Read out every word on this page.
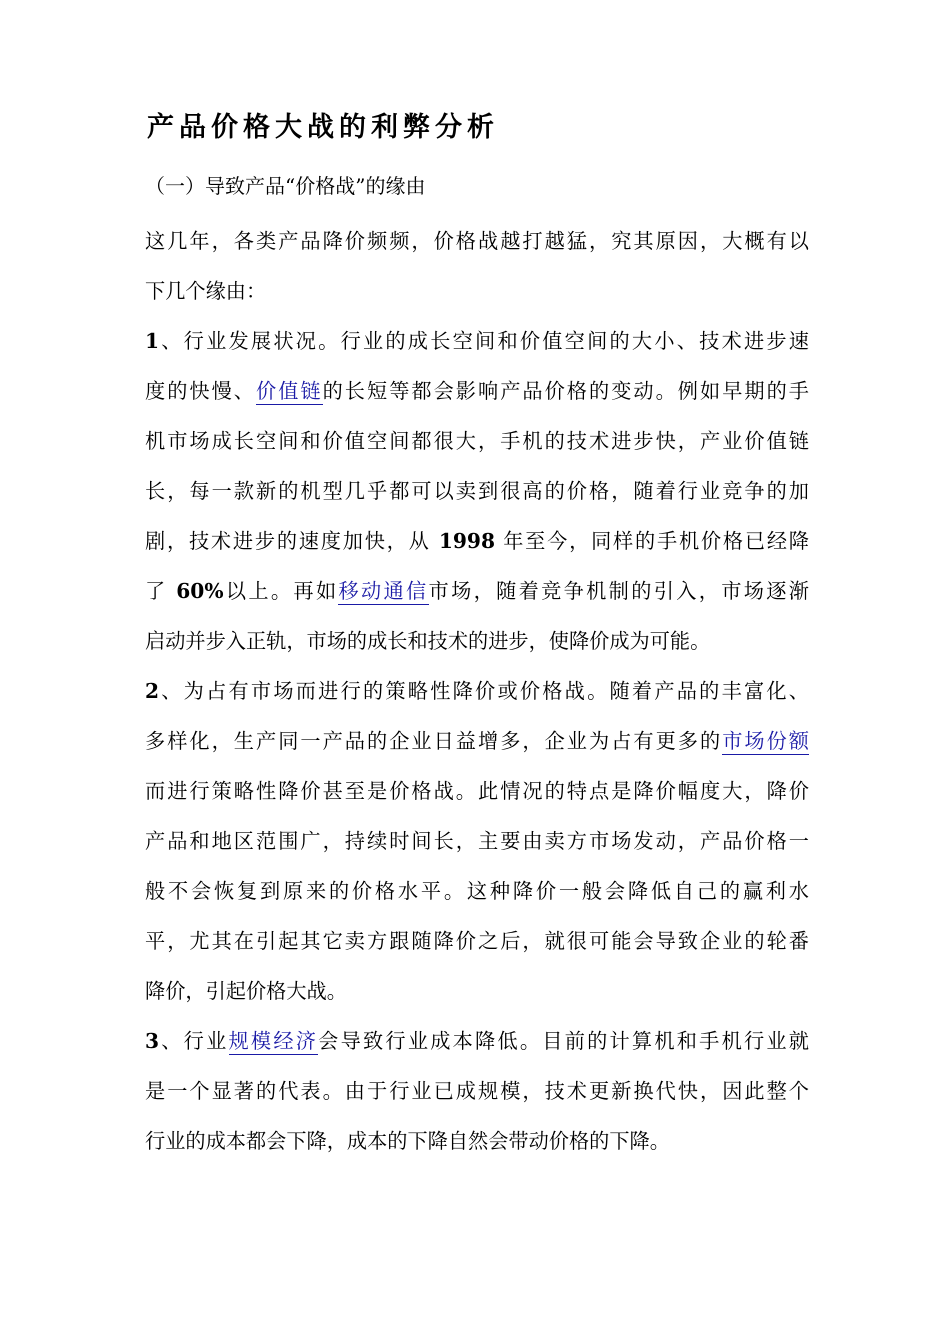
产品价格大战的利弊分析

（一）导致产品“价格战”的缘由

这几年，各类产品降价频频，价格战越打越猛，究其原因，大概有以
下几个缘由：
1、行业发展状况。行业的成长空间和价值空间的大小、技术进步速
度的快慢、价值链的长短等都会影响产品价格的变动。例如早期的手
机市场成长空间和价值空间都很大，手机的技术进步快，产业价值链
长，每一款新的机型几乎都可以卖到很高的价格，随着行业竞争的加
剧，技术进步的速度加快，从 1998 年至今，同样的手机价格已经降
了 60%以上。再如移动通信市场，随着竞争机制的引入，市场逐渐
启动并步入正轨，市场的成长和技术的进步，使降价成为可能。
2、为占有市场而进行的策略性降价或价格战。随着产品的丰富化、
多样化，生产同一产品的企业日益增多，企业为占有更多的市场份额
而进行策略性降价甚至是价格战。此情况的特点是降价幅度大，降价
产品和地区范围广，持续时间长，主要由卖方市场发动，产品价格一
般不会恢复到原来的价格水平。这种降价一般会降低自己的赢利水
平，尤其在引起其它卖方跟随降价之后，就很可能会导致企业的轮番
降价，引起价格大战。
3、行业规模经济会导致行业成本降低。目前的计算机和手机行业就
是一个显著的代表。由于行业已成规模，技术更新换代快，因此整个
行业的成本都会下降，成本的下降自然会带动价格的下降。
